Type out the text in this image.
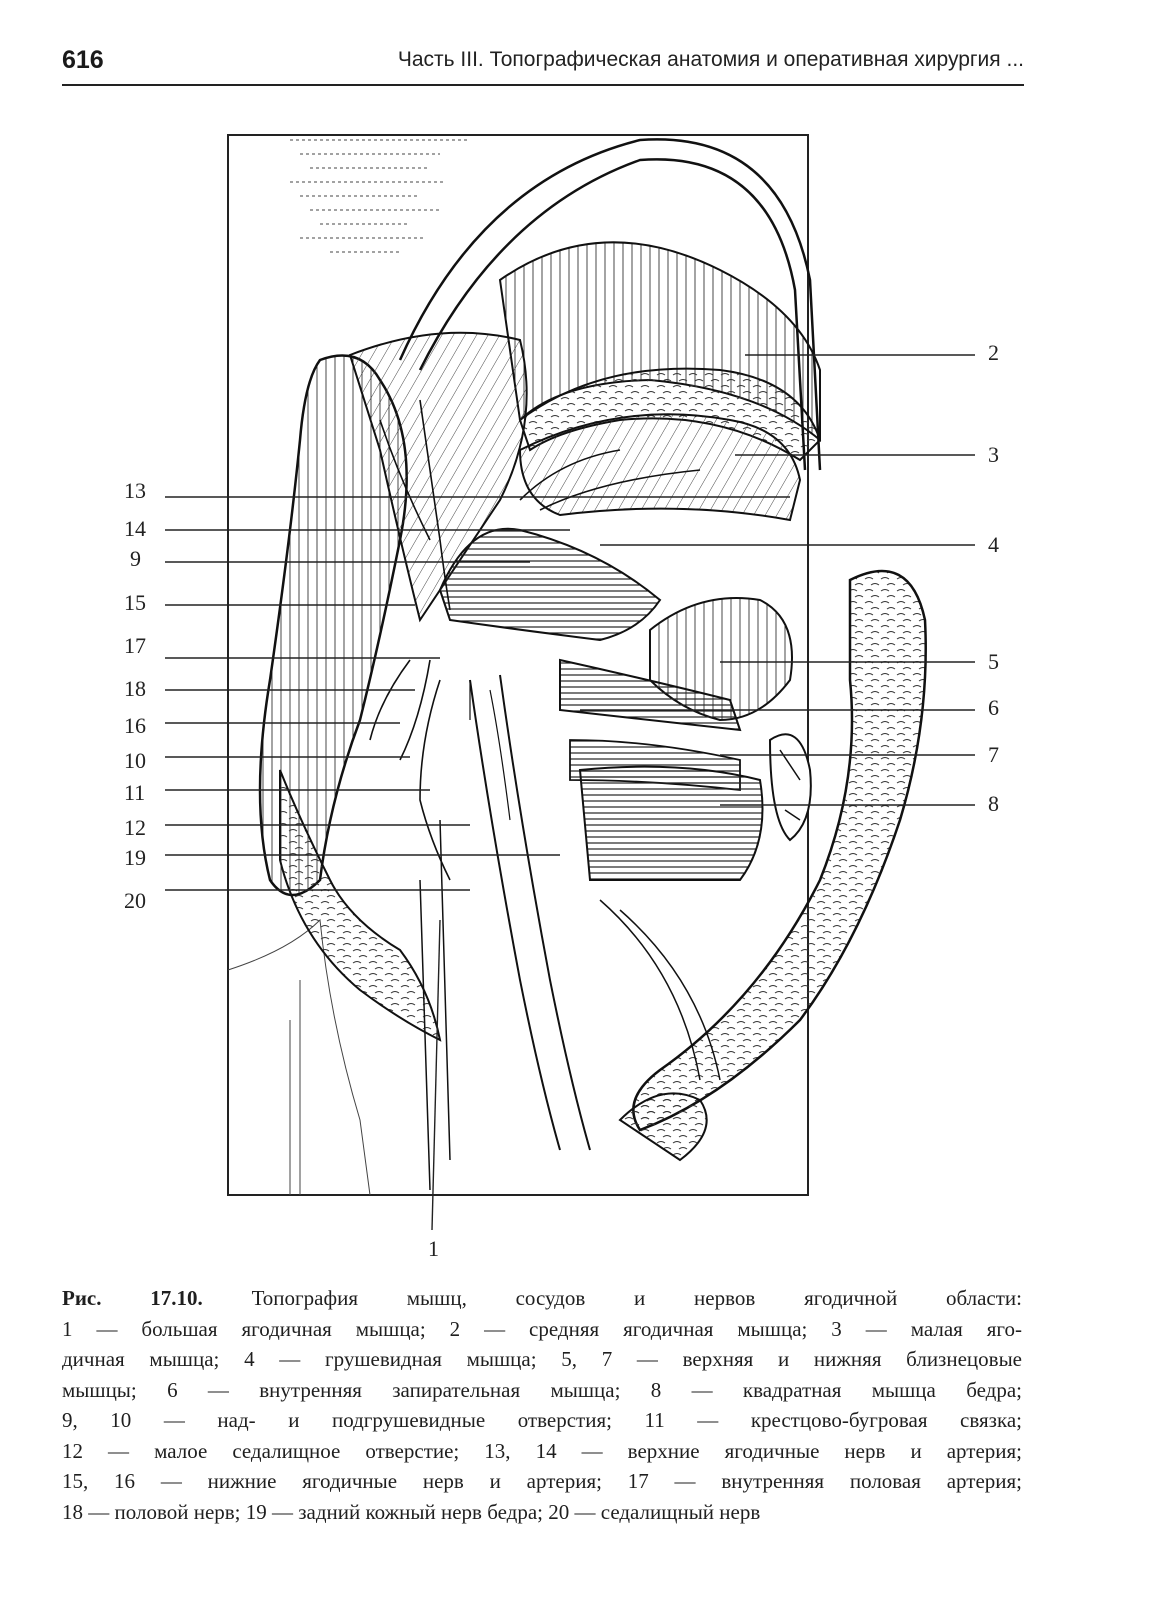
616	Часть III. Топографическая анатомия и оперативная хирургия ...
2
3
4
5
6
7
8
13
14
9
15
17
18
16
10
11
12
19
20
1
Рис. 17.10. Топография мышц, сосудов и нервов ягодичной области:
1 — большая ягодичная мышца; 2 — средняя ягодичная мышца; 3 — малая яго-
дичная мышца; 4 — грушевидная мышца; 5, 7 — верхняя и нижняя близнецовые
мышцы; 6 — внутренняя запирательная мышца; 8 — квадратная мышца бедра;
9, 10 — над- и подгрушевидные отверстия; 11 — крестцово-бугровая связка;
12 — малое седалищное отверстие; 13, 14 — верхние ягодичные нерв и артерия;
15, 16 — нижние ягодичные нерв и артерия; 17 — внутренняя половая артерия;
18 — половой нерв; 19 — задний кожный нерв бедра; 20 — седалищный нерв
